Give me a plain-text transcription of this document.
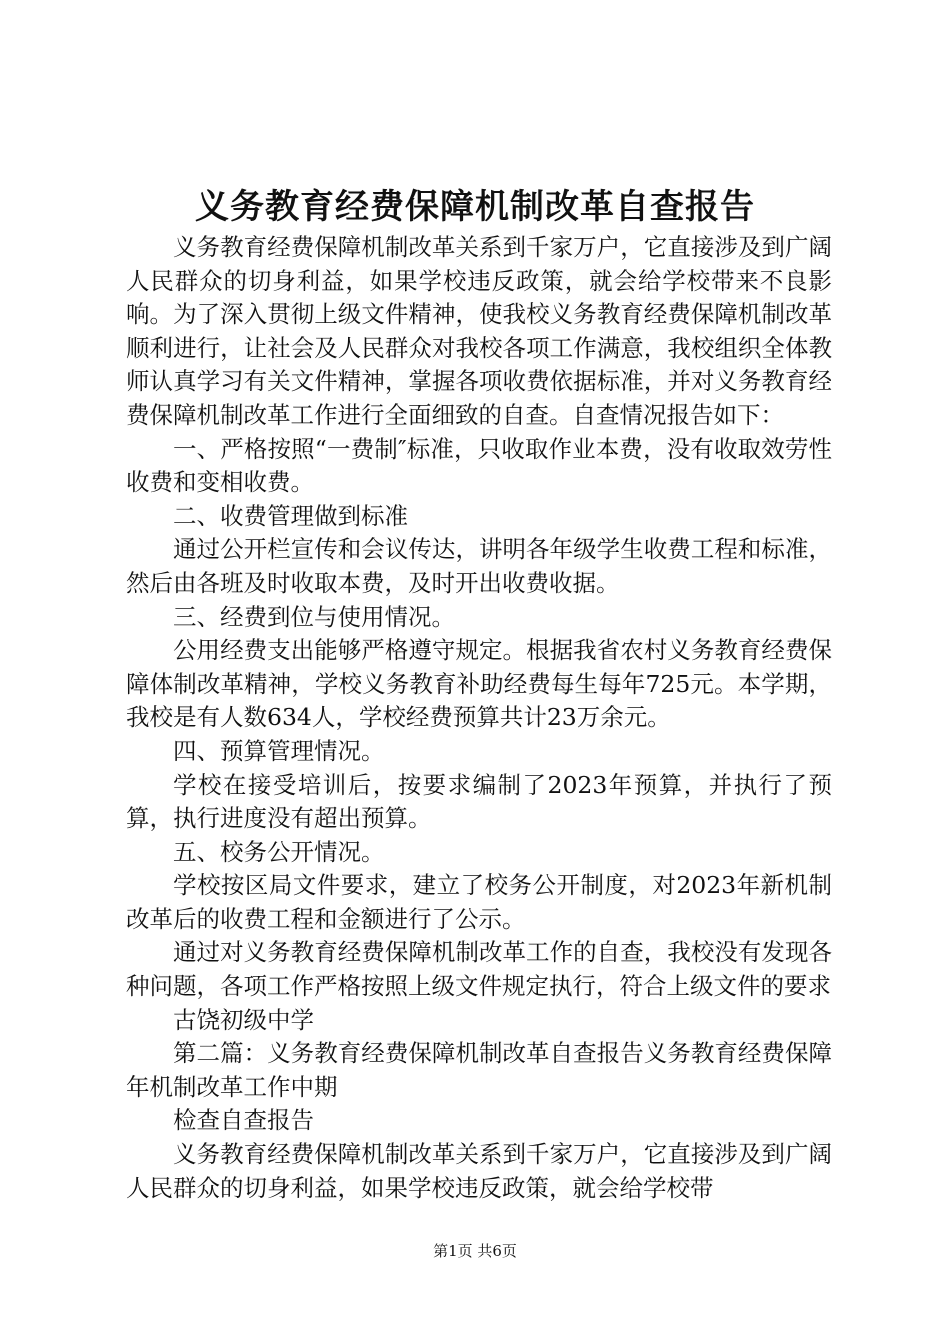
义务教育经费保障机制改革自查报告

义务教育经费保障机制改革关系到千家万户，它直接涉及到广阔人民群众的切身利益，如果学校违反政策，就会给学校带来不良影响。为了深入贯彻上级文件精神，使我校义务教育经费保障机制改革顺利进行，让社会及人民群众对我校各项工作满意，我校组织全体教师认真学习有关文件精神，掌握各项收费依据标准，并对义务教育经费保障机制改革工作进行全面细致的自查。自查情况报告如下：

一、严格按照“一费制″标准，只收取作业本费，没有收取效劳性收费和变相收费。

二、收费管理做到标准

通过公开栏宣传和会议传达，讲明各年级学生收费工程和标准，然后由各班及时收取本费，及时开出收费收据。

三、经费到位与使用情况。

公用经费支出能够严格遵守规定。根据我省农村义务教育经费保障体制改革精神，学校义务教育补助经费每生每年725元。本学期，我校是有人数634人，学校经费预算共计23万余元。

四、预算管理情况。

学校在接受培训后，按要求编制了2023年预算，并执行了预算，执行进度没有超出预算。

五、校务公开情况。

学校按区局文件要求，建立了校务公开制度，对2023年新机制改革后的收费工程和金额进行了公示。

通过对义务教育经费保障机制改革工作的自查，我校没有发现各种问题，各项工作严格按照上级文件规定执行，符合上级文件的要求

古饶初级中学

第二篇：义务教育经费保障机制改革自查报告义务教育经费保障年机制改革工作中期

检查自查报告

义务教育经费保障机制改革关系到千家万户，它直接涉及到广阔人民群众的切身利益，如果学校违反政策，就会给学校带

第1页 共6页
